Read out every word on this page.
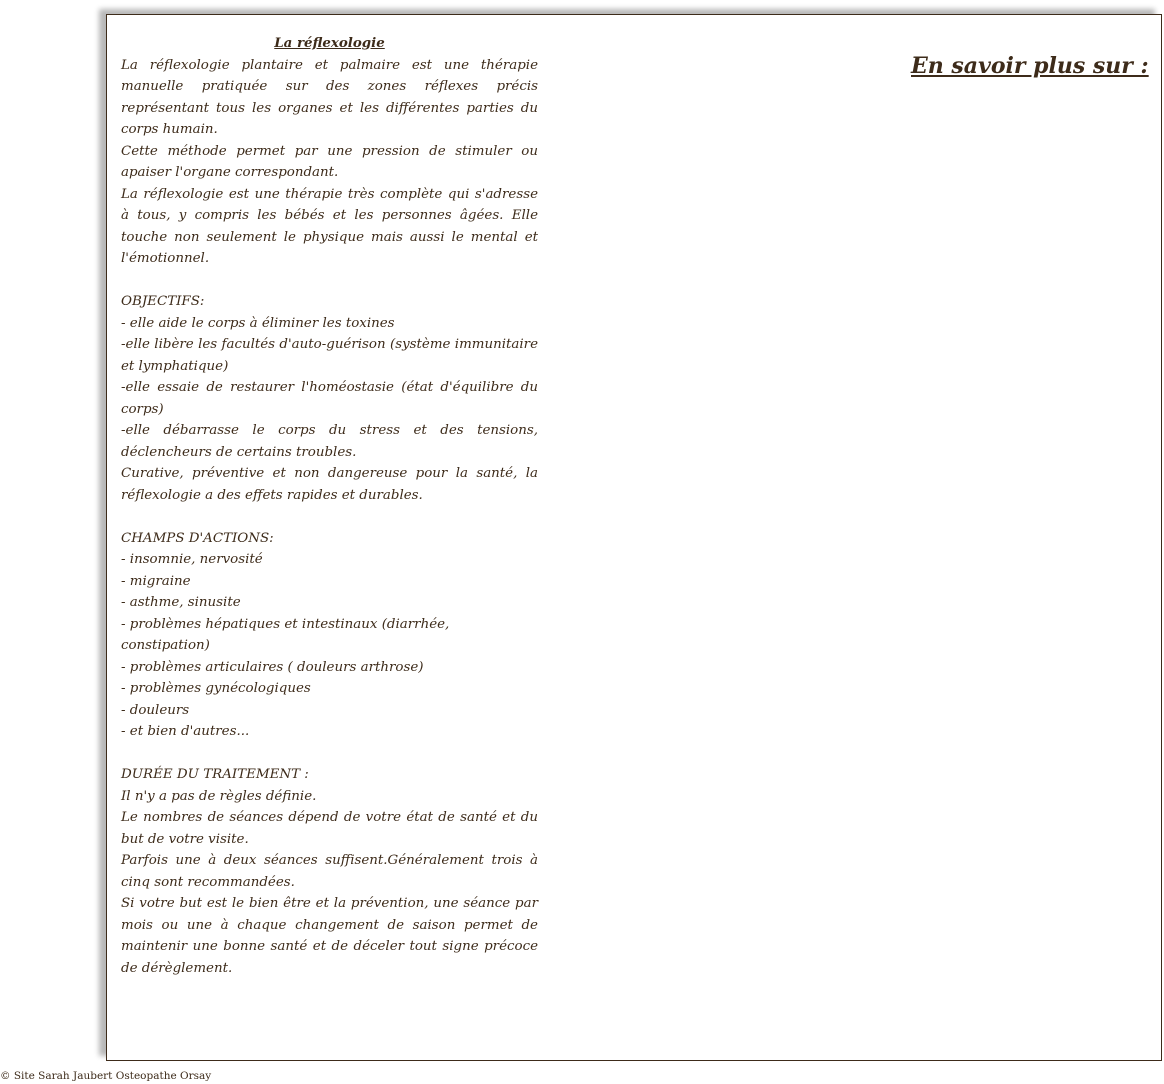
La réflexologie

La réflexologie plantaire et palmaire est une thérapie manuelle pratiquée sur des zones réflexes précis représentant tous les organes et les différentes parties du corps humain.

Cette méthode permet par une pression de stimuler ou apaiser l'organe correspondant.

La réflexologie est une thérapie très complète qui s'adresse à tous, y compris les bébés et les personnes âgées. Elle touche non seulement le physique mais aussi le mental et l'émotionnel.

OBJECTIFS:

- elle aide le corps à éliminer les toxines

-elle libère les facultés d'auto-guérison (système immunitaire et lymphatique)

-elle essaie de restaurer l'homéostasie (état d'équilibre du corps)

-elle débarrasse le corps du stress et des tensions, déclencheurs de certains troubles.

Curative, préventive et non dangereuse pour la santé, la réflexologie a des effets rapides et durables.

CHAMPS D'ACTIONS:

- insomnie, nervosité

- migraine

- asthme, sinusite

- problèmes hépatiques et intestinaux (diarrhée, constipation)

- problèmes articulaires ( douleurs arthrose)

- problèmes gynécologiques

- douleurs

- et bien d'autres...

DURÉE DU TRAITEMENT :

Il n'y a pas de règles définie.

Le nombres de séances dépend de votre état de santé et du but de votre visite.

Parfois une à deux séances suffisent.Généralement trois à cinq sont recommandées.

Si votre but est le bien être et la prévention, une séance par mois ou une à chaque changement de saison permet de maintenir une bonne santé et de déceler tout signe précoce de dérèglement.

En savoir plus sur :
© Site Sarah Jaubert Osteopathe Orsay
